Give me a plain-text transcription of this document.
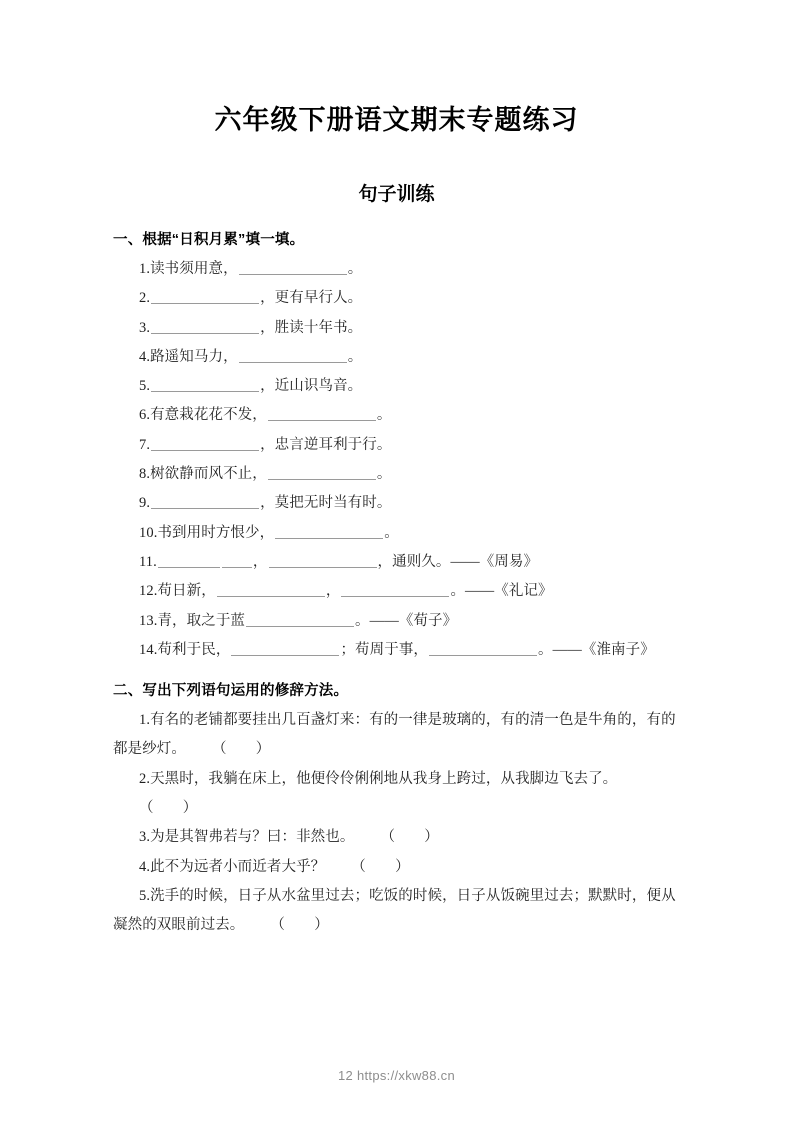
六年级下册语文期末专题练习
句子训练
一、根据“日积月累”填一填。
1.读书须用意，	。
2.	，更有早行人。
3.	，胜读十年书。
4.路遥知马力，	。
5.	，近山识鸟音。
6.有意栽花花不发，	。
7.	，忠言逆耳利于行。
8.树欲静而风不止，	。
9.	，莫把无时当有时。
10.书到用时方恨少，	。
11.	，	，通则久。——《周易》
12.苟日新，	，	。——《礼记》
13.青，取之于蓝	。——《荀子》
14.苟利于民，	；苟周于事，	。——《淮南子》
二、写出下列语句运用的修辞方法。
1.有名的老铺都要挂出几百盏灯来：有的一律是玻璃的，有的清一色是牛角的，有的都是纱灯。 （　　）
2.天黑时，我躺在床上，他便伶伶俐俐地从我身上跨过，从我脚边飞去了。（　　）
3.为是其智弗若与？曰：非然也。 （　　）
4.此不为远者小而近者大乎？ （　　）
5.洗手的时候，日子从水盆里过去；吃饭的时候，日子从饭碗里过去；默默时，便从凝然的双眼前过去。 （　　）
12 https://xkw88.cn
